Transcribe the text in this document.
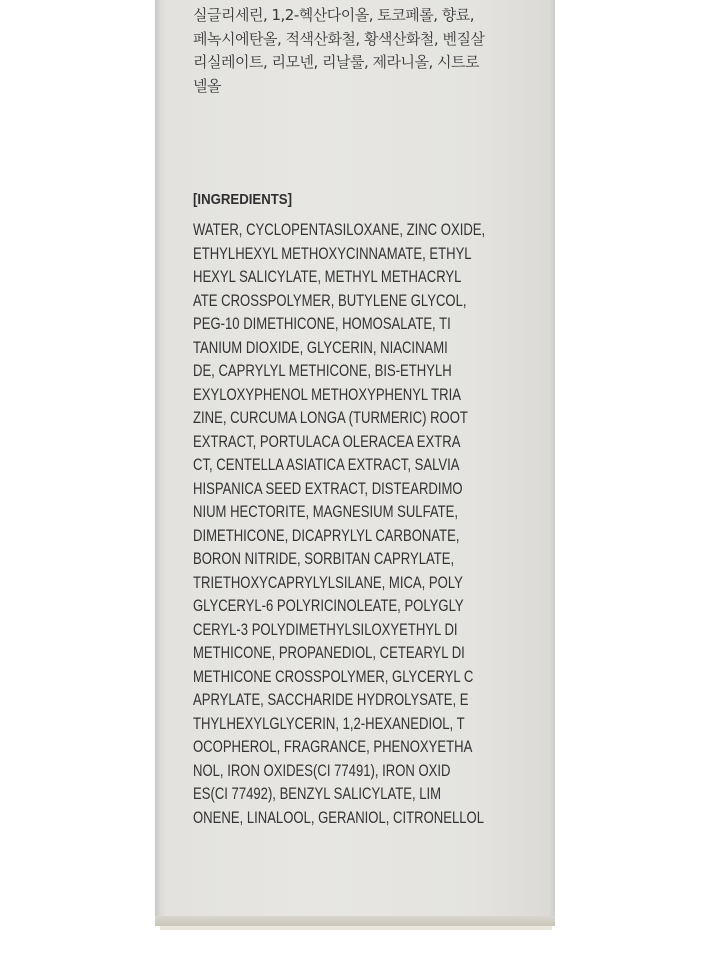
실글리세린, 1,2-헥산다이올, 토코페롤, 향료,
페녹시에탄올, 적색산화철, 황색산화철, 벤질살
리실레이트, 리모넨, 리날룰, 제라니올, 시트로
넬올

[INGREDIENTS]

WATER, CYCLOPENTASILOXANE, ZINC OXIDE,
ETHYLHEXYL METHOXYCINNAMATE, ETHYL
HEXYL SALICYLATE, METHYL METHACRYL
ATE CROSSPOLYMER, BUTYLENE GLYCOL,
PEG-10 DIMETHICONE, HOMOSALATE, TI
TANIUM DIOXIDE, GLYCERIN, NIACINAMI
DE, CAPRYLYL METHICONE, BIS-ETHYLH
EXYLOXYPHENOL METHOXYPHENYL TRIA
ZINE, CURCUMA LONGA (TURMERIC) ROOT
EXTRACT, PORTULACA OLERACEA EXTRA
CT, CENTELLA ASIATICA EXTRACT, SALVIA
HISPANICA SEED EXTRACT, DISTEARDIMO
NIUM HECTORITE, MAGNESIUM SULFATE,
DIMETHICONE, DICAPRYLYL CARBONATE,
BORON NITRIDE, SORBITAN CAPRYLATE,
TRIETHOXYCAPRYLYLSILANE, MICA, POLY
GLYCERYL-6 POLYRICINOLEATE, POLYGLY
CERYL-3 POLYDIMETHYLSILOXYETHYL DI
METHICONE, PROPANEDIOL, CETEARYL DI
METHICONE CROSSPOLYMER, GLYCERYL C
APRYLATE, SACCHARIDE HYDROLYSATE, E
THYLHEXYLGLYCERIN, 1,2-HEXANEDIOL, T
OCOPHEROL, FRAGRANCE, PHENOXYETHA
NOL, IRON OXIDES(CI 77491), IRON OXID
ES(CI 77492), BENZYL SALICYLATE, LIM
ONENE, LINALOOL, GERANIOL, CITRONELLOL
